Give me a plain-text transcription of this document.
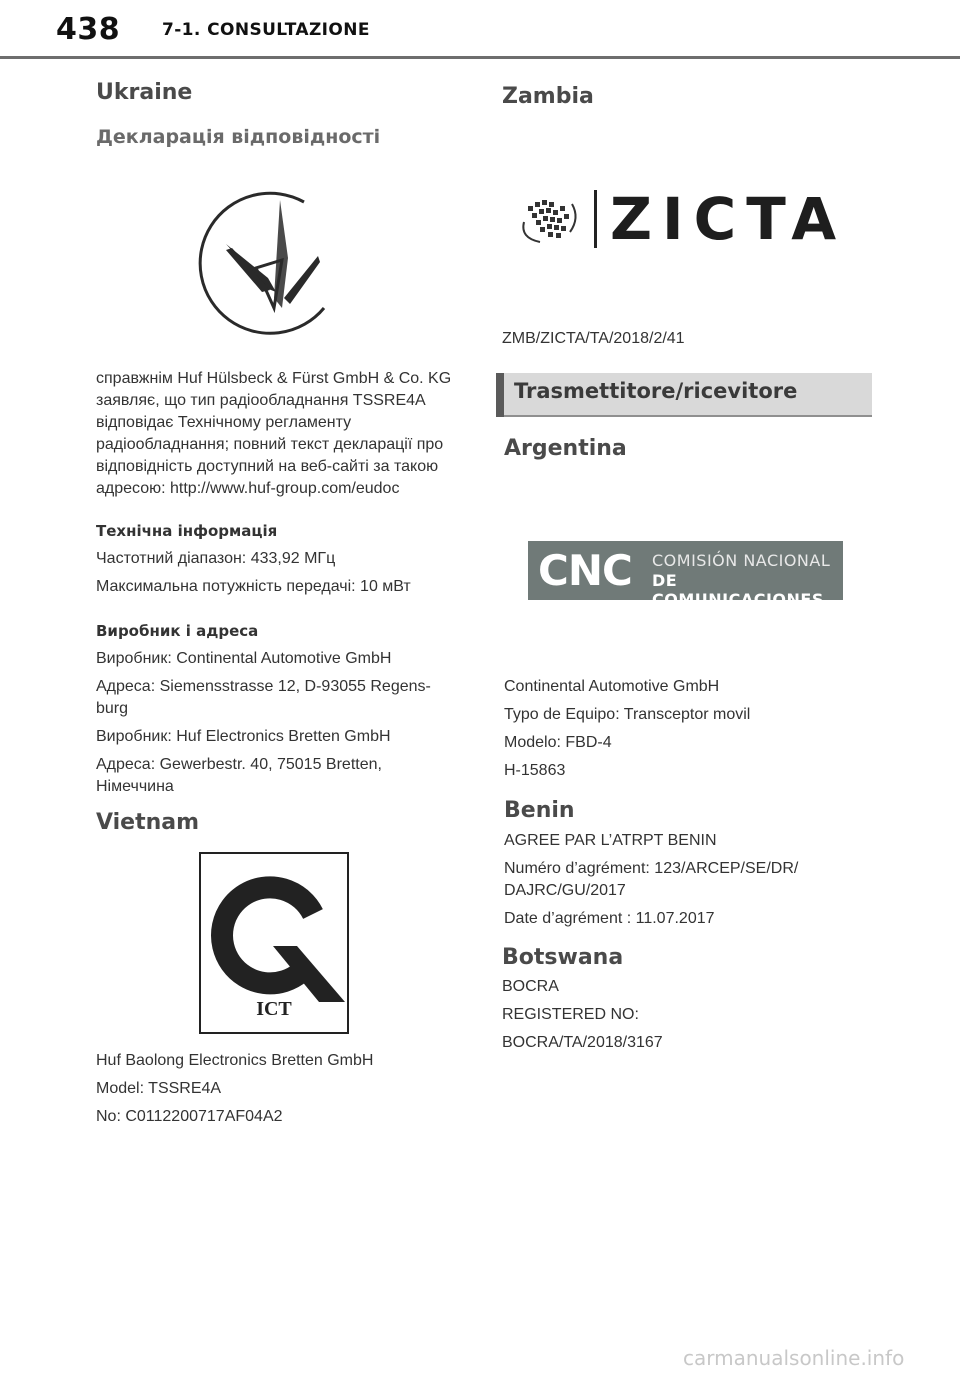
438 7-1. CONSULTAZIONE
Ukraine
Декларація відповідності
справжнім Huf Hülsbeck & Fürst GmbH & Co. KG заявляє, що тип радіообладнання TSSRE4A відповідає Технічному регламенту радіообладнання; повний текст декларації про відповідність доступний на веб-сайті за такою адресою: http://www.huf-group.com/eudoc
Технічна інформація

Частотний діапазон: 433,92 МГц

Максимальна потужність передачі: 10 мВт

Виробник і адреса

Виробник: Continental Automotive GmbH

Адреса: Siemensstrasse 12, D-93055 Regens-burg

Виробник: Huf Electronics Bretten GmbH

Адреса: Gewerbestr. 40, 75015 Bretten, Німеччина

Vietnam
ICT

Huf Baolong Electronics Bretten GmbH

Model: TSSRE4A

No: C0112200717AF04A2

Zambia
ZICTA
ZMB/ZICTA/TA/2018/2/41
Trasmettitore/ricevitore
Argentina
CNC COMISIÓN NACIONAL
DE COMUNICACIONES

Continental Automotive GmbH

Typo de Equipo: Transceptor movil

Modelo: FBD-4

H-15863

Benin

AGREE PAR L’ATRPT BENIN

Numéro d’agrément: 123/ARCEP/SE/DR/ DAJRC/GU/2017

Date d’agrément : 11.07.2017

Botswana

BOCRA

REGISTERED NO:

BOCRA/TA/2018/3167

carmanualsonline.info
